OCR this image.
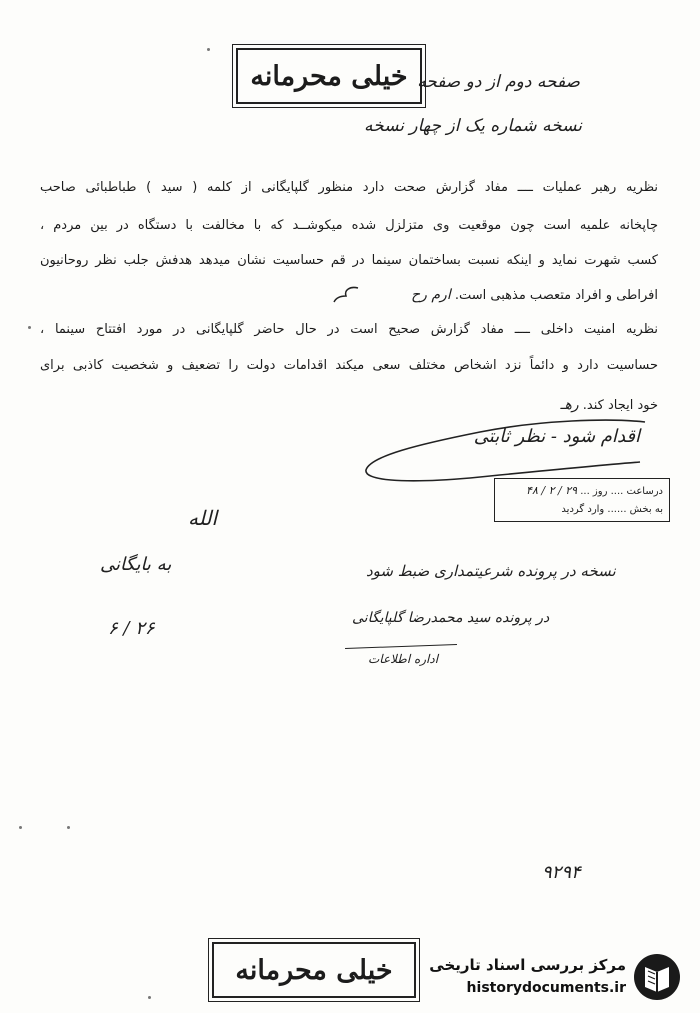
خیلی محرمانه صفحه دوم از دو صفحه
نسخه شماره یک از چهار نسخه
نظریه رهبر عملیات ــــ مفاد گزارش صحت دارد منظور گلپایگانی از کلمه ( سید ) طباطبائی صاحب
چاپخانه علمیه است چون موقعیت وی متزلزل شده میکوشــد که با مخالفت با دستگاه در بین مردم ،
کسب شهرت نماید و اینکه نسبت بساختمان سینما در قم حساسیت نشان میدهد هدفش جلب نظر روحانیون
افراطی و افراد متعصب مذهبی است. ارم رح
نظریه امنیت داخلی ــــ مفاد گزارش صحیح است در حال حاضر گلپایگانی در مورد افتتاح سینما ،
حساسیت دارد و دائماً نزد اشخاص مختلف سعی میکند اقدامات دولت را تضعیف و شخصیت کاذبی برای
خود ایجاد کند. رهـ
اقدام شود - نظر ثابتی
درساعت .... روز ... ۲۹ / ۲ / ۴۸
به بخش ...... وارد گردید
الله
به بایگانی
۲۶ / ۶
نسخه در پرونده شرعیتمداری ضبط شود
در پرونده سید محمدرضا گلپایگانی
اداره اطلاعات
۹۲۹۴
خیلی محرمانه مرکز بررسی اسناد تاریخی
historydocuments.ir
